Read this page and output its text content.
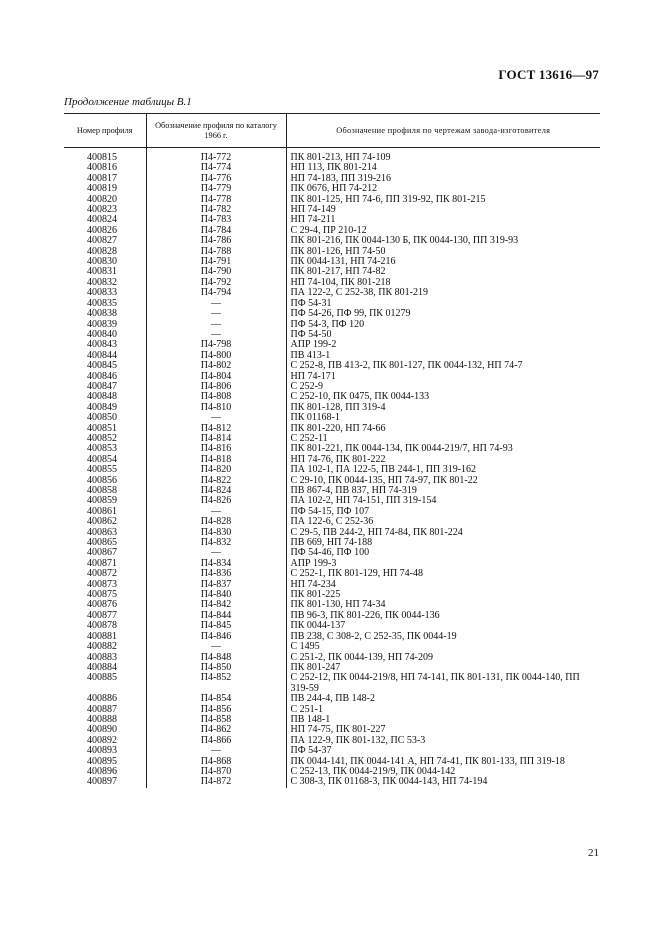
ГОСТ 13616—97
Продолжение таблицы В.1
Номер профиля	Обозначение профиля по каталогу 1966 г.	Обозначение профиля по чертежам завода-изготовителя
400815	П4-772	ПК 801-213, НП 74-109
400816	П4-774	НП 113, ПК 801-214
400817	П4-776	НП 74-183, ПП 319-216
400819	П4-779	ПК 0676, НП 74-212
400820	П4-778	ПК 801-125, НП 74-6, ПП 319-92, ПК 801-215
400823	П4-782	НП 74-149
400824	П4-783	НП 74-211
400826	П4-784	С 29-4, ПР 210-12
400827	П4-786	ПК 801-216, ПК 0044-130 Б, ПК 0044-130, ПП 319-93
400828	П4-788	ПК 801-126, НП 74-50
400830	П4-791	ПК 0044-131, НП 74-216
400831	П4-790	ПК 801-217, НП 74-82
400832	П4-792	НП 74-104, ПК 801-218
400833	П4-794	ПА 122-2, С 252-38, ПК 801-219
400835	—	ПФ 54-31
400838	—	ПФ 54-26, ПФ 99, ПК 01279
400839	—	ПФ 54-3, ПФ 120
400840	—	ПФ 54-50
400843	П4-798	АПР 199-2
400844	П4-800	ПВ 413-1
400845	П4-802	С 252-8, ПВ 413-2, ПК 801-127, ПК 0044-132, НП 74-7
400846	П4-804	НП 74-171
400847	П4-806	С 252-9
400848	П4-808	С 252-10, ПК 0475, ПК 0044-133
400849	П4-810	ПК 801-128, ПП 319-4
400850	—	ПК 01168-1
400851	П4-812	ПК 801-220, НП 74-66
400852	П4-814	С 252-11
400853	П4-816	ПК 801-221, ПК 0044-134, ПК 0044-219/7, НП 74-93
400854	П4-818	НП 74-76, ПК 801-222
400855	П4-820	ПА 102-1, ПА 122-5, ПВ 244-1, ПП 319-162
400856	П4-822	С 29-10, ПК 0044-135, НП 74-97, ПК 801-22
400858	П4-824	ПВ 867-4, ПВ 837, НП 74-319
400859	П4-826	ПА 102-2, НП 74-151, ПП 319-154
400861	—	ПФ 54-15, ПФ 107
400862	П4-828	ПА 122-6, С 252-36
400863	П4-830	С 29-5, ПВ 244-2, НП 74-84, ПК 801-224
400865	П4-832	ПВ 669, НП 74-188
400867	—	ПФ 54-46, ПФ 100
400871	П4-834	АПР 199-3
400872	П4-836	С 252-1, ПК 801-129, НП 74-48
400873	П4-837	НП 74-234
400875	П4-840	ПК 801-225
400876	П4-842	ПК 801-130, НП 74-34
400877	П4-844	ПВ 96-3, ПК 801-226, ПК 0044-136
400878	П4-845	ПК 0044-137
400881	П4-846	ПВ 238, С 308-2, С 252-35, ПК 0044-19
400882	—	С 1495
400883	П4-848	С 251-2, ПК 0044-139, НП 74-209
400884	П4-850	ПК 801-247
400885	П4-852	С 252-12, ПК 0044-219/8, НП 74-141, ПК 801-131, ПК 0044-140, ПП 319-59
400886	П4-854	ПВ 244-4, ПВ 148-2
400887	П4-856	С 251-1
400888	П4-858	ПВ 148-1
400890	П4-862	НП 74-75, ПК 801-227
400892	П4-866	ПА 122-9, ПК 801-132, ПС 53-3
400893	—	ПФ 54-37
400895	П4-868	ПК 0044-141, ПК 0044-141 А, НП 74-41, ПК 801-133, ПП 319-18
400896	П4-870	С 252-13, ПК 0044-219/9, ПК 0044-142
400897	П4-872	С 308-3, ПК 01168-3, ПК 0044-143, НП 74-194
21
